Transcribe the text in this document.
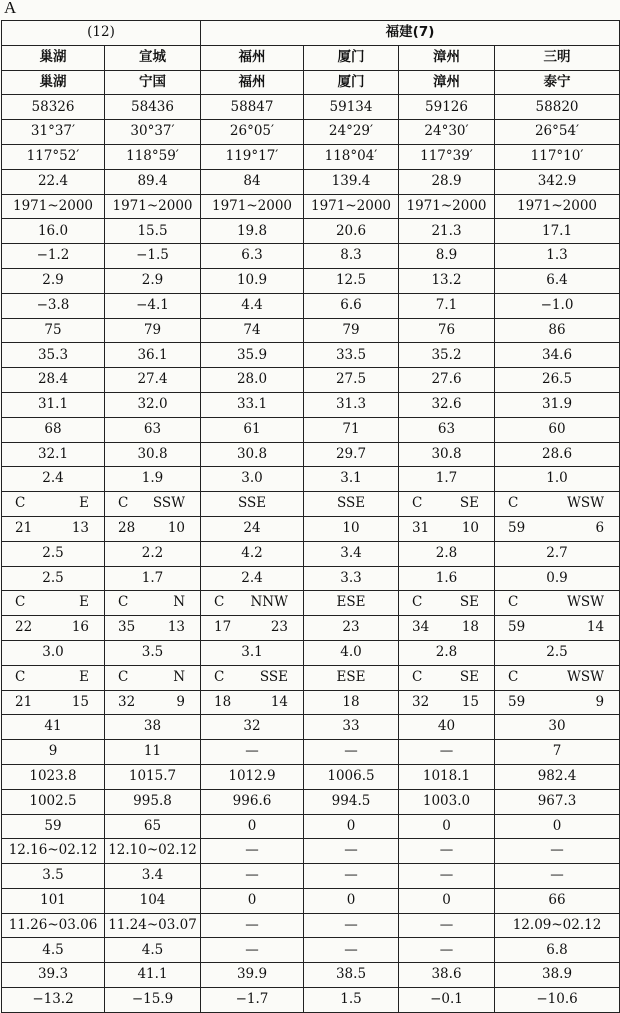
A
(12)		福建(7)			
巢湖	宣城	福州	厦门	漳州	三明
巢湖	宁国	福州	厦门	漳州	泰宁
58326	58436	58847	59134	59126	58820
31°37′	30°37′	26°05′	24°29′	24°30′	26°54′
117°52′	118°59′	119°17′	118°04′	117°39′	117°10′
22.4	89.4	84	139.4	28.9	342.9
1971~2000	1971~2000	1971~2000	1971~2000	1971~2000	1971~2000
16.0	15.5	19.8	20.6	21.3	17.1
−1.2	−1.5	6.3	8.3	8.9	1.3
2.9	2.9	10.9	12.5	13.2	6.4
−3.8	−4.1	4.4	6.6	7.1	−1.0
75	79	74	79	76	86
35.3	36.1	35.9	33.5	35.2	34.6
28.4	27.4	28.0	27.5	27.6	26.5
31.1	32.0	33.1	31.3	32.6	31.9
68	63	61	71	63	60
32.1	30.8	30.8	29.7	30.8	28.6
2.4	1.9	3.0	3.1	1.7	1.0

C E	C SSW	SSE	SSE	C SE	C WSW

21 13	28 10	24	10	31 10	59 6

2.5	2.2	4.2	3.4	2.8	2.7
2.5	1.7	2.4	3.3	1.6	0.9

C E	C N	C NNW	ESE	C SE	C WSW

22 16	35 13	17 23	23	34 18	59 14

3.0	3.5	3.1	4.0	2.8	2.5

C E	C N	C SSE	ESE	C SE	C WSW

21 15	32 9	18 14	18	32 15	59 9

41	38	32	33	40	30
9	11	—	—	—	7
1023.8	1015.7	1012.9	1006.5	1018.1	982.4
1002.5	995.8	996.6	994.5	1003.0	967.3
59	65	0	0	0	0
12.16~02.12	12.10~02.12	—	—	—	—
3.5	3.4	—	—	—	—
101	104	0	0	0	66
11.26~03.06	11.24~03.07	—	—	—	12.09~02.12
4.5	4.5	—	—	—	6.8
39.3	41.1	39.9	38.5	38.6	38.9
−13.2	−15.9	−1.7	1.5	−0.1	−10.6
